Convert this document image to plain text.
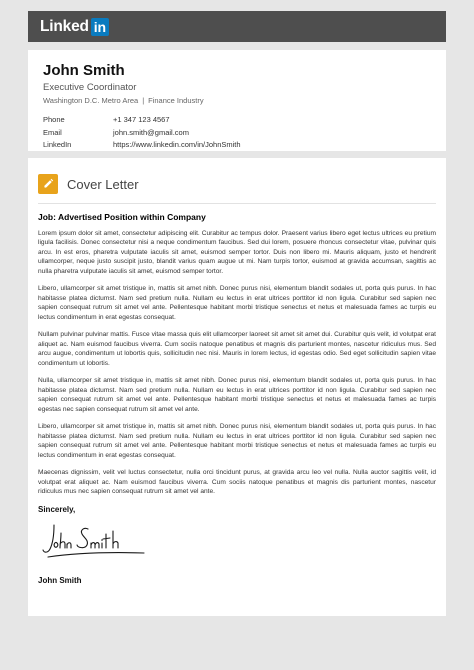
Linked in
John Smith
Executive Coordinator
Washington D.C. Metro Area | Finance Industry
Phone	+1 347 123 4567
Email	john.smith@gmail.com
LinkedIn	https://www.linkedin.com/in/JohnSmith
Cover Letter
Job: Advertised Position within Company

Lorem ipsum dolor sit amet, consectetur adipiscing elit. Curabitur ac tempus dolor. Praesent varius libero eget lectus ultrices eu pretium ligula facilisis. Donec consectetur nisi a neque condimentum faucibus. Sed dui lorem, posuere rhoncus consectetur vitae, pulvinar quis arcu. In est eros, pharetra vulputate iaculis sit amet, euismod semper tortor. Duis non libero mi. Mauris aliquam, justo et hendrerit ullamcorper, neque justo suscipit justo, blandit varius quam augue ut mi. Nam turpis tortor, euismod at gravida accumsan, sagittis ac nulla pharetra vulputate iaculis sit amet, euismod semper tortor.

Libero, ullamcorper sit amet tristique in, mattis sit amet nibh. Donec purus nisi, elementum blandit sodales ut, porta quis purus. In hac habitasse platea dictumst. Nam sed pretium nulla. Nullam eu lectus in erat ultrices porttitor id non ligula. Curabitur sed sapien nec sapien consequat rutrum sit amet vel ante. Pellentesque habitant morbi tristique senectus et netus et malesuada fames ac turpis eu lectus condimentum in erat egestas consequat.

Nullam pulvinar pulvinar mattis. Fusce vitae massa quis elit ullamcorper laoreet sit amet sit amet dui. Curabitur quis velit, id volutpat erat aliquet ac. Nam euismod faucibus viverra. Cum sociis natoque penatibus et magnis dis parturient montes, nascetur ridiculus mus. Sed arcu augue, condimentum ut lobortis quis, sollicitudin nec nisi. Mauris in lorem lectus, id egestas odio. Sed eget sollicitudin sapien vitae condimentum ut lobortis.

Nulla, ullamcorper sit amet tristique in, mattis sit amet nibh. Donec purus nisi, elementum blandit sodales ut, porta quis purus. In hac habitasse platea dictumst. Nam sed pretium nulla. Nullam eu lectus in erat ultrices porttitor id non ligula. Curabitur sed sapien nec sapien consequat rutrum sit amet vel ante. Pellentesque habitant morbi tristique senectus et netus et malesuada fames ac turpis egestas nec sapien consequat rutrum sit amet vel ante.

Libero, ullamcorper sit amet tristique in, mattis sit amet nibh. Donec purus nisi, elementum blandit sodales ut, porta quis purus. In hac habitasse platea dictumst. Nam sed pretium nulla. Nullam eu lectus in erat ultrices porttitor id non ligula. Curabitur sed sapien nec sapien consequat rutrum sit amet vel ante. Pellentesque habitant morbi tristique senectus et netus et malesuada fames ac turpis eu lectus condimentum in erat egestas consequat.

Maecenas dignissim, velit vel luctus consectetur, nulla orci tincidunt purus, at gravida arcu leo vel nulla. Nulla auctor sagittis velit, id volutpat erat aliquet ac. Nam euismod faucibus viverra. Cum sociis natoque penatibus et magnis dis parturient montes, nascetur ridiculus mus nec sapien consequat rutrum sit amet vel ante.

Sincerely,
John Smith
